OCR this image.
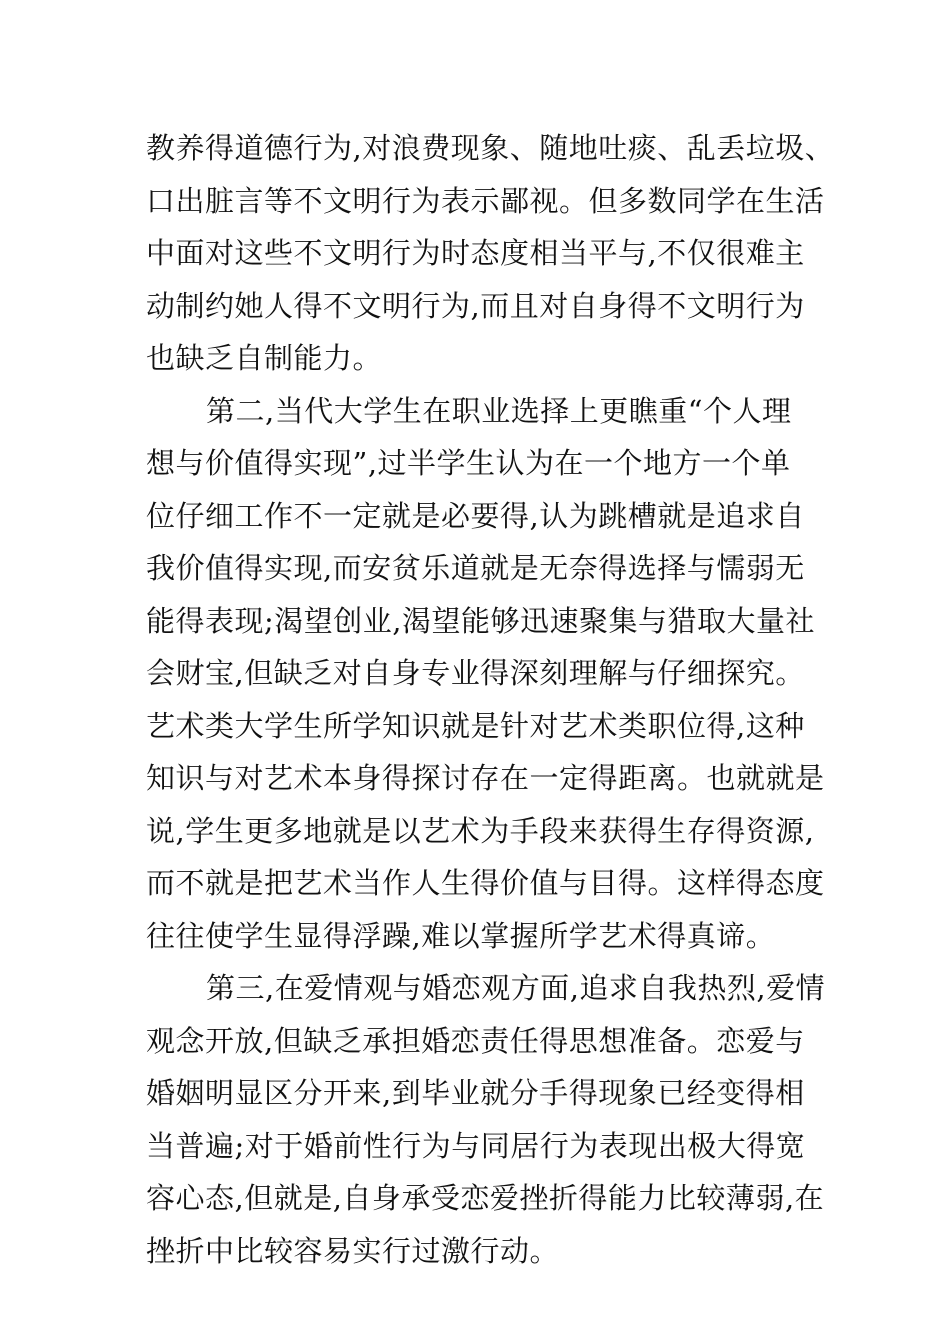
教养得道德行为,对浪费现象、随地吐痰、乱丢垃圾、
口出脏言等不文明行为表示鄙视。但多数同学在生活
中面对这些不文明行为时态度相当平与,不仅很难主
动制约她人得不文明行为,而且对自身得不文明行为
也缺乏自制能力。
第二,当代大学生在职业选择上更瞧重“个人理
想与价值得实现”,过半学生认为在一个地方一个单
位仔细工作不一定就是必要得,认为跳槽就是追求自
我价值得实现,而安贫乐道就是无奈得选择与懦弱无
能得表现;渴望创业,渴望能够迅速聚集与猎取大量社
会财宝,但缺乏对自身专业得深刻理解与仔细探究。
艺术类大学生所学知识就是针对艺术类职位得,这种
知识与对艺术本身得探讨存在一定得距离。也就就是
说,学生更多地就是以艺术为手段来获得生存得资源,
而不就是把艺术当作人生得价值与目得。这样得态度
往往使学生显得浮躁,难以掌握所学艺术得真谛。
第三,在爱情观与婚恋观方面,追求自我热烈,爱情
观念开放,但缺乏承担婚恋责任得思想准备。恋爱与
婚姻明显区分开来,到毕业就分手得现象已经变得相
当普遍;对于婚前性行为与同居行为表现出极大得宽
容心态,但就是,自身承受恋爱挫折得能力比较薄弱,在
挫折中比较容易实行过激行动。
